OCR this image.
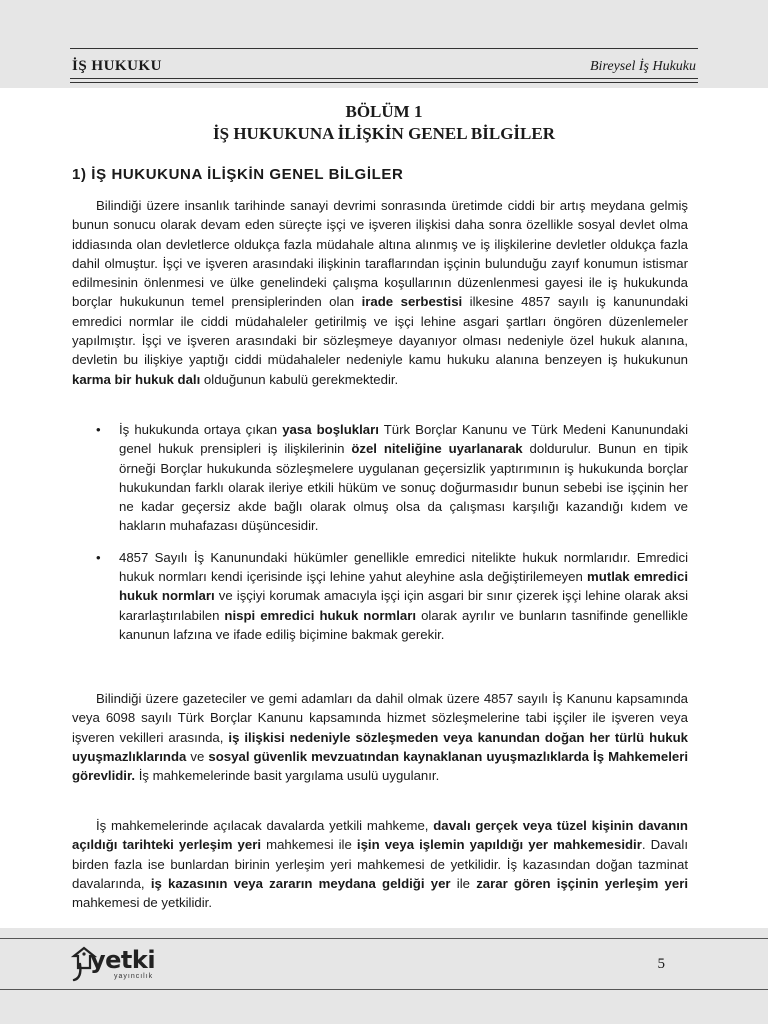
İŞ HUKUKU	Bireysel İş Hukuku
BÖLÜM 1
İŞ HUKUKUNA İLİŞKİN GENEL BİLGİLER
1) İŞ HUKUKUNA İLİŞKİN GENEL BİLGİLER
Bilindiği üzere insanlık tarihinde sanayi devrimi sonrasında üretimde ciddi bir artış meydana gelmiş bunun sonucu olarak devam eden süreçte işçi ve işveren ilişkisi daha sonra özellikle sosyal devlet olma iddiasında olan devletlerce oldukça fazla müdahale altına alınmış ve iş ilişkilerine devletler oldukça fazla dahil olmuştur. İşçi ve işveren arasındaki ilişkinin taraflarından işçinin bulunduğu zayıf konumun istismar edilmesinin önlenmesi ve ülke genelindeki çalışma koşullarının düzenlenmesi gayesi ile iş hukukunda borçlar hukukunun temel prensiplerinden olan irade serbestisi ilkesine 4857 sayılı iş kanunundaki emredici normlar ile ciddi müdahaleler getirilmiş ve işçi lehine asgari şartları öngören düzenlemeler yapılmıştır. İşçi ve işveren arasındaki bir sözleşmeye dayanıyor olması nedeniyle özel hukuk alanına, devletin bu ilişkiye yaptığı ciddi müdahaleler nedeniyle kamu hukuku alanına benzeyen iş hukukunun karma bir hukuk dalı olduğunun kabulü gerekmektedir.
• İş hukukunda ortaya çıkan yasa boşlukları Türk Borçlar Kanunu ve Türk Medeni Kanunundaki genel hukuk prensipleri iş ilişkilerinin özel niteliğine uyarlanarak doldurulur. Bunun en tipik örneği Borçlar hukukunda sözleşmelere uygulanan geçersizlik yaptırımının iş hukukunda borçlar hukukundan farklı olarak ileriye etkili hüküm ve sonuç doğurmasıdır bunun sebebi ise işçinin her ne kadar geçersiz akde bağlı olarak olmuş olsa da çalışması karşılığı kazandığı kıdem ve hakların muhafazası düşüncesidir.
• 4857 Sayılı İş Kanunundaki hükümler genellikle emredici nitelikte hukuk normlarıdır. Emredici hukuk normları kendi içerisinde işçi lehine yahut aleyhine asla değiştirilemeyen mutlak emredici hukuk normları ve işçiyi korumak amacıyla işçi için asgari bir sınır çizerek işçi lehine olarak aksi kararlaştırılabilen nispi emredici hukuk normları olarak ayrılır ve bunların tasnifinde genellikle kanunun lafzına ve ifade ediliş biçimine bakmak gerekir.
Bilindiği üzere gazeteciler ve gemi adamları da dahil olmak üzere 4857 sayılı İş Kanunu kapsamında veya 6098 sayılı Türk Borçlar Kanunu kapsamında hizmet sözleşmelerine tabi işçiler ile işveren veya işveren vekilleri arasında, iş ilişkisi nedeniyle sözleşmeden veya kanundan doğan her türlü hukuk uyuşmazlıklarında ve sosyal güvenlik mevzuatından kaynaklanan uyuşmazlıklarda İş Mahkemeleri görevlidir. İş mahkemelerinde basit yargılama usulü uygulanır.
İş mahkemelerinde açılacak davalarda yetkili mahkeme, davalı gerçek veya tüzel kişinin davanın açıldığı tarihteki yerleşim yeri mahkemesi ile işin veya işlemin yapıldığı yer mahkemesidir. Davalı birden fazla ise bunlardan birinin yerleşim yeri mahkemesi de yetkilidir. İş kazasından doğan tazminat davalarında, iş kazasının veya zararın meydana geldiği yer ile zarar gören işçinin yerleşim yeri mahkemesi de yetkilidir.
yetki
yayıncılık
5
